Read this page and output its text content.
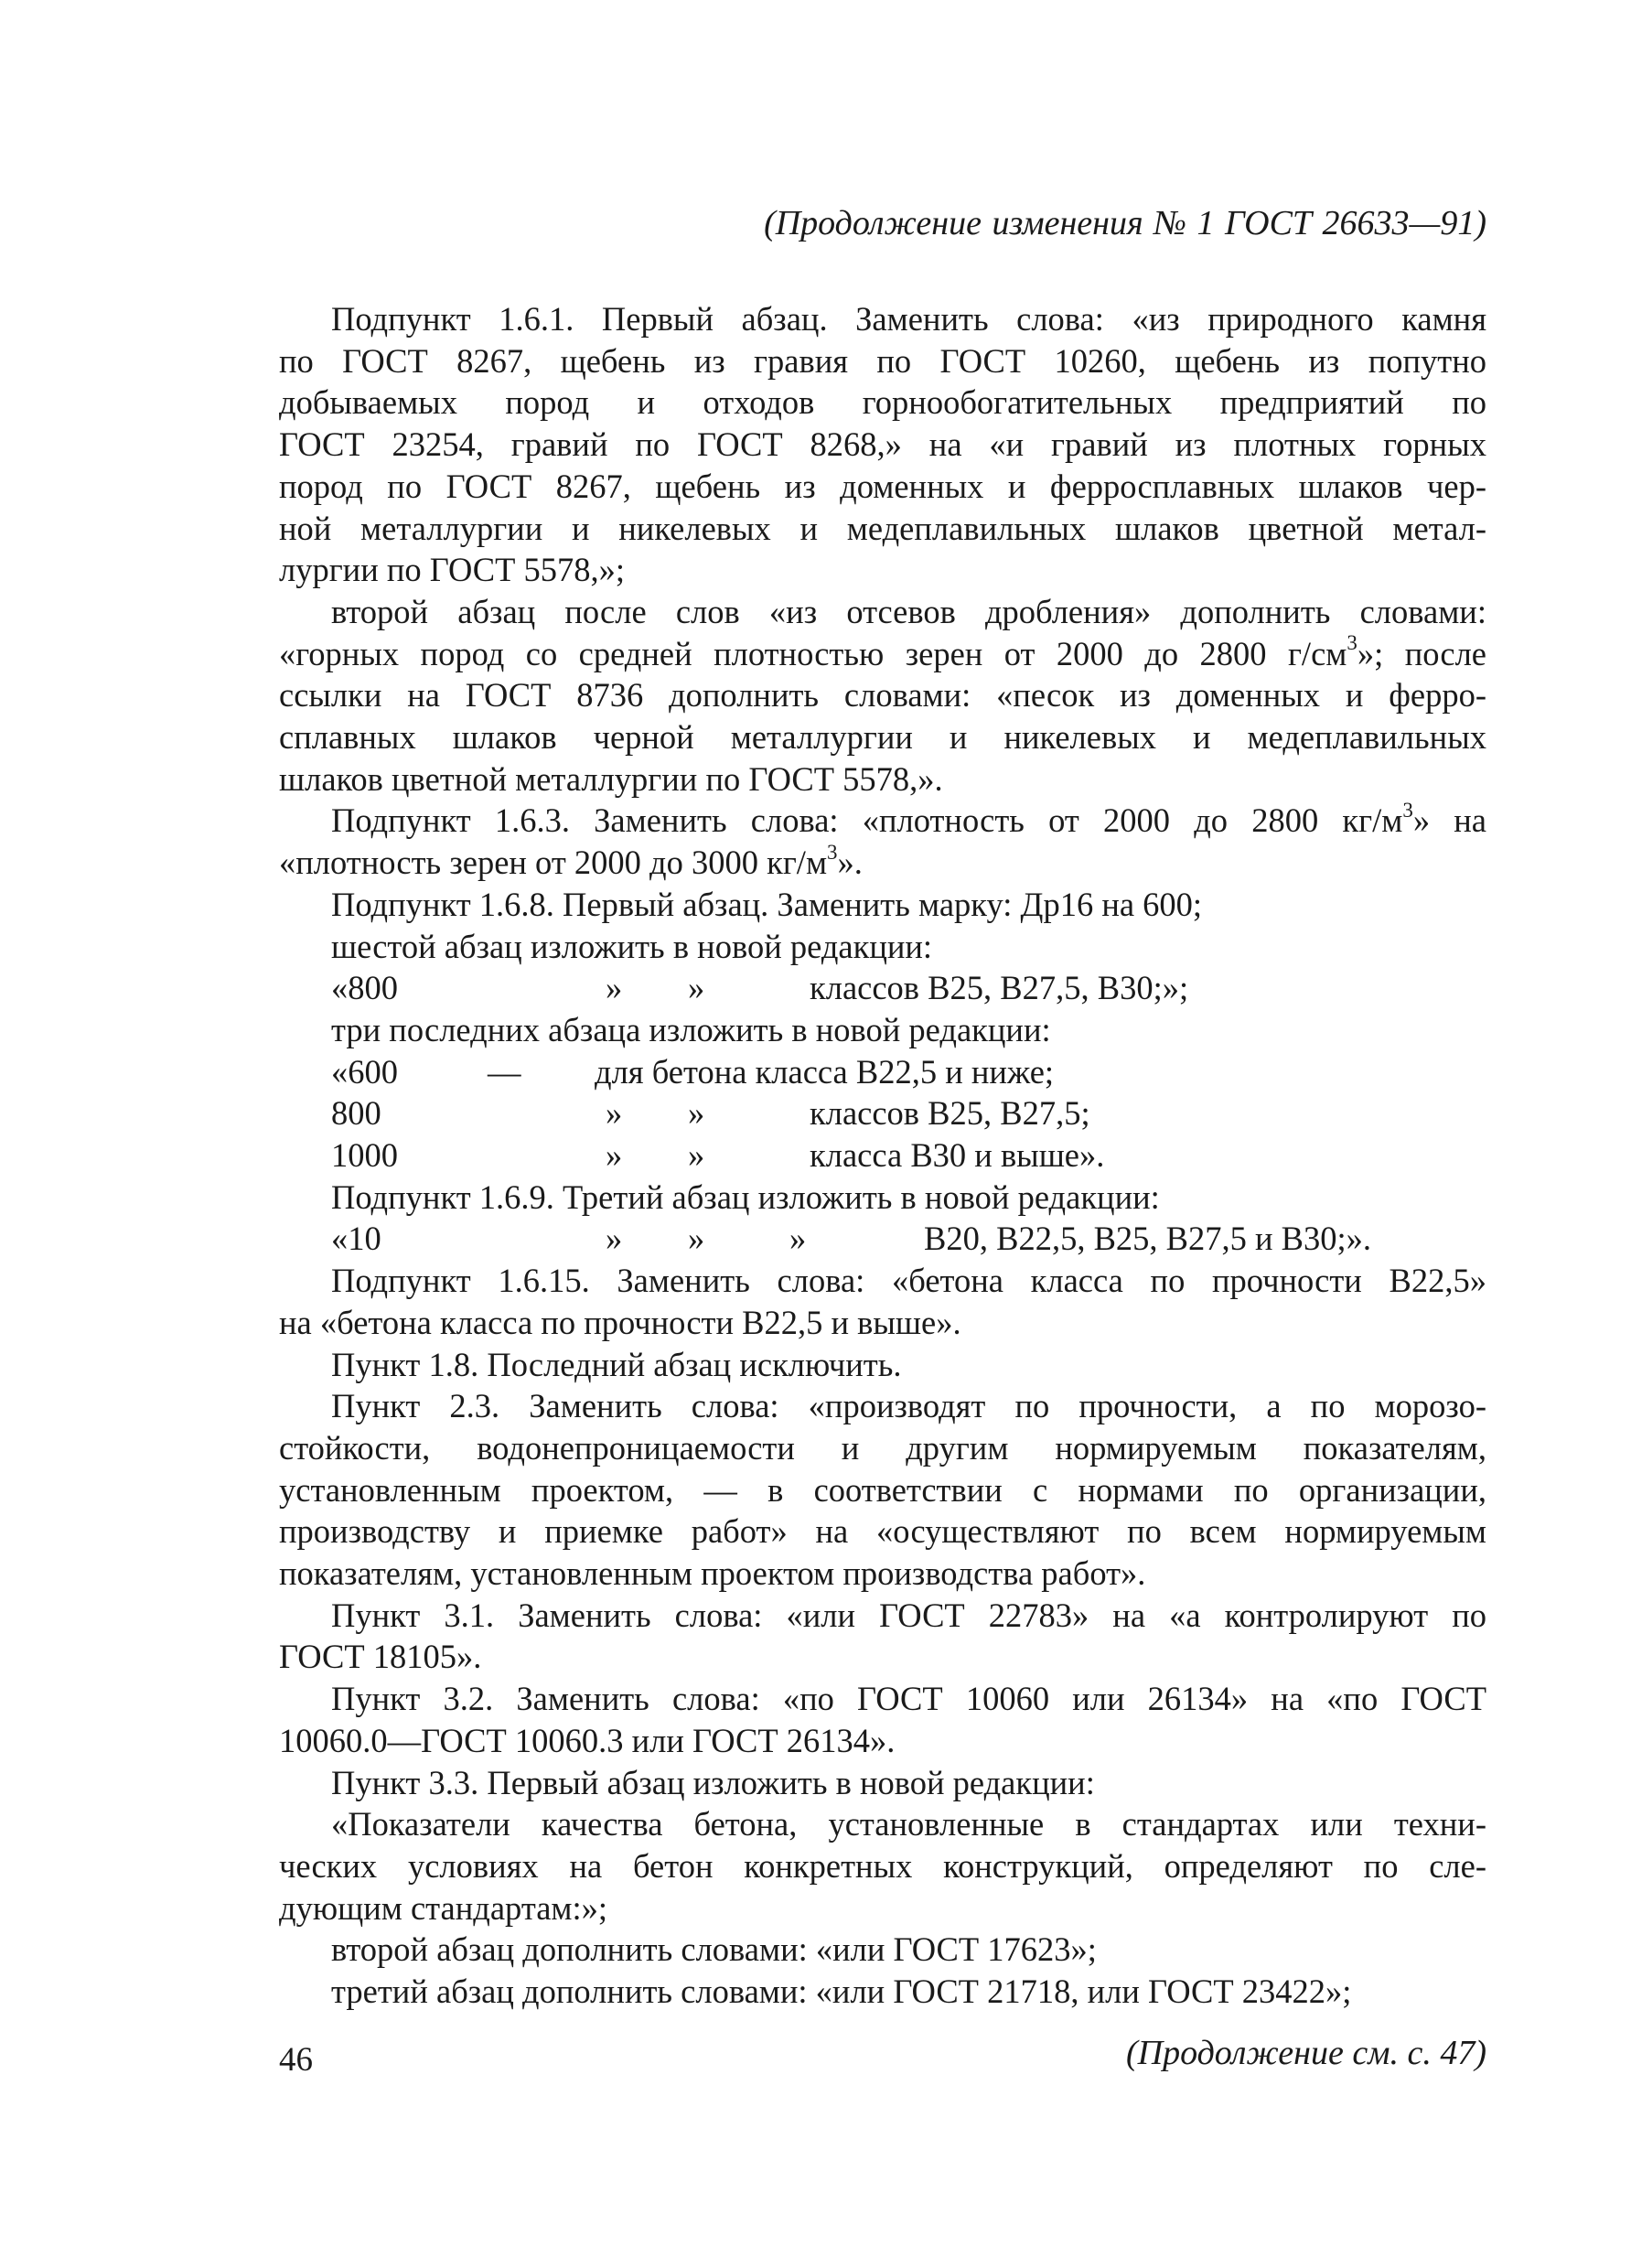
(Продолжение изменения № 1 ГОСТ 26633—91)
Подпункт 1.6.1. Первый абзац. Заменить слова: «из природного камня
по ГОСТ 8267, щебень из гравия по ГОСТ 10260, щебень из попутно
добываемых пород и отходов горнообогатительных предприятий по
ГОСТ 23254, гравий по ГОСТ 8268,» на «и гравий из плотных горных
пород по ГОСТ 8267, щебень из доменных и ферросплавных шлаков чер-
ной металлургии и никелевых и медеплавильных шлаков цветной метал-
лургии по ГОСТ 5578,»;
второй абзац после слов «из отсевов дробления» дополнить словами:
«горных пород со средней плотностью зерен от 2000 до 2800 $г/см^3$»; после
ссылки на ГОСТ 8736 дополнить словами: «песок из доменных и ферро-
сплавных шлаков черной металлургии и никелевых и медеплавильных
шлаков цветной металлургии по ГОСТ 5578,».
Подпункт 1.6.3. Заменить слова: «плотность от 2000 до 2800 $кг/м^3$» на
«плотность зерен от 2000 до 3000 $кг/м^3$».
Подпункт 1.6.8. Первый абзац. Заменить марку: Дp16 на 600;
шестой абзац изложить в новой редакции:
«800	» »	классов В25, В27,5, В30;»;
три последних абзаца изложить в новой редакции:
«600	— для бетона класса В22,5 и ниже;
800	» »	классов В25, В27,5;
1000	» »	класса В30 и выше».
Подпункт 1.6.9. Третий абзац изложить в новой редакции:
«10	» »	»	В20, В22,5, В25, В27,5 и В30;».
Подпункт 1.6.15. Заменить слова: «бетона класса по прочности В22,5»
на «бетона класса по прочности В22,5 и выше».
Пункт 1.8. Последний абзац исключить.
Пункт 2.3. Заменить слова: «производят по прочности, а по морозо-
стойкости, водонепроницаемости и другим нормируемым показателям,
установленным проектом, — в соответствии с нормами по организации,
производству и приемке работ» на «осуществляют по всем нормируемым
показателям, установленным проектом производства работ».
Пункт 3.1. Заменить слова: «или ГОСТ 22783» на «а контролируют по
ГОСТ 18105».
Пункт 3.2. Заменить слова: «по ГОСТ 10060 или 26134» на «по ГОСТ
10060.0—ГОСТ 10060.3 или ГОСТ 26134».
Пункт 3.3. Первый абзац изложить в новой редакции:
«Показатели качества бетона, установленные в стандартах или техни-
ческих условиях на бетон конкретных конструкций, определяют по сле-
дующим стандартам:»;
второй абзац дополнить словами: «или ГОСТ 17623»;
третий абзац дополнить словами: «или ГОСТ 21718, или ГОСТ 23422»;
(Продолжение см. с. 47)
46
